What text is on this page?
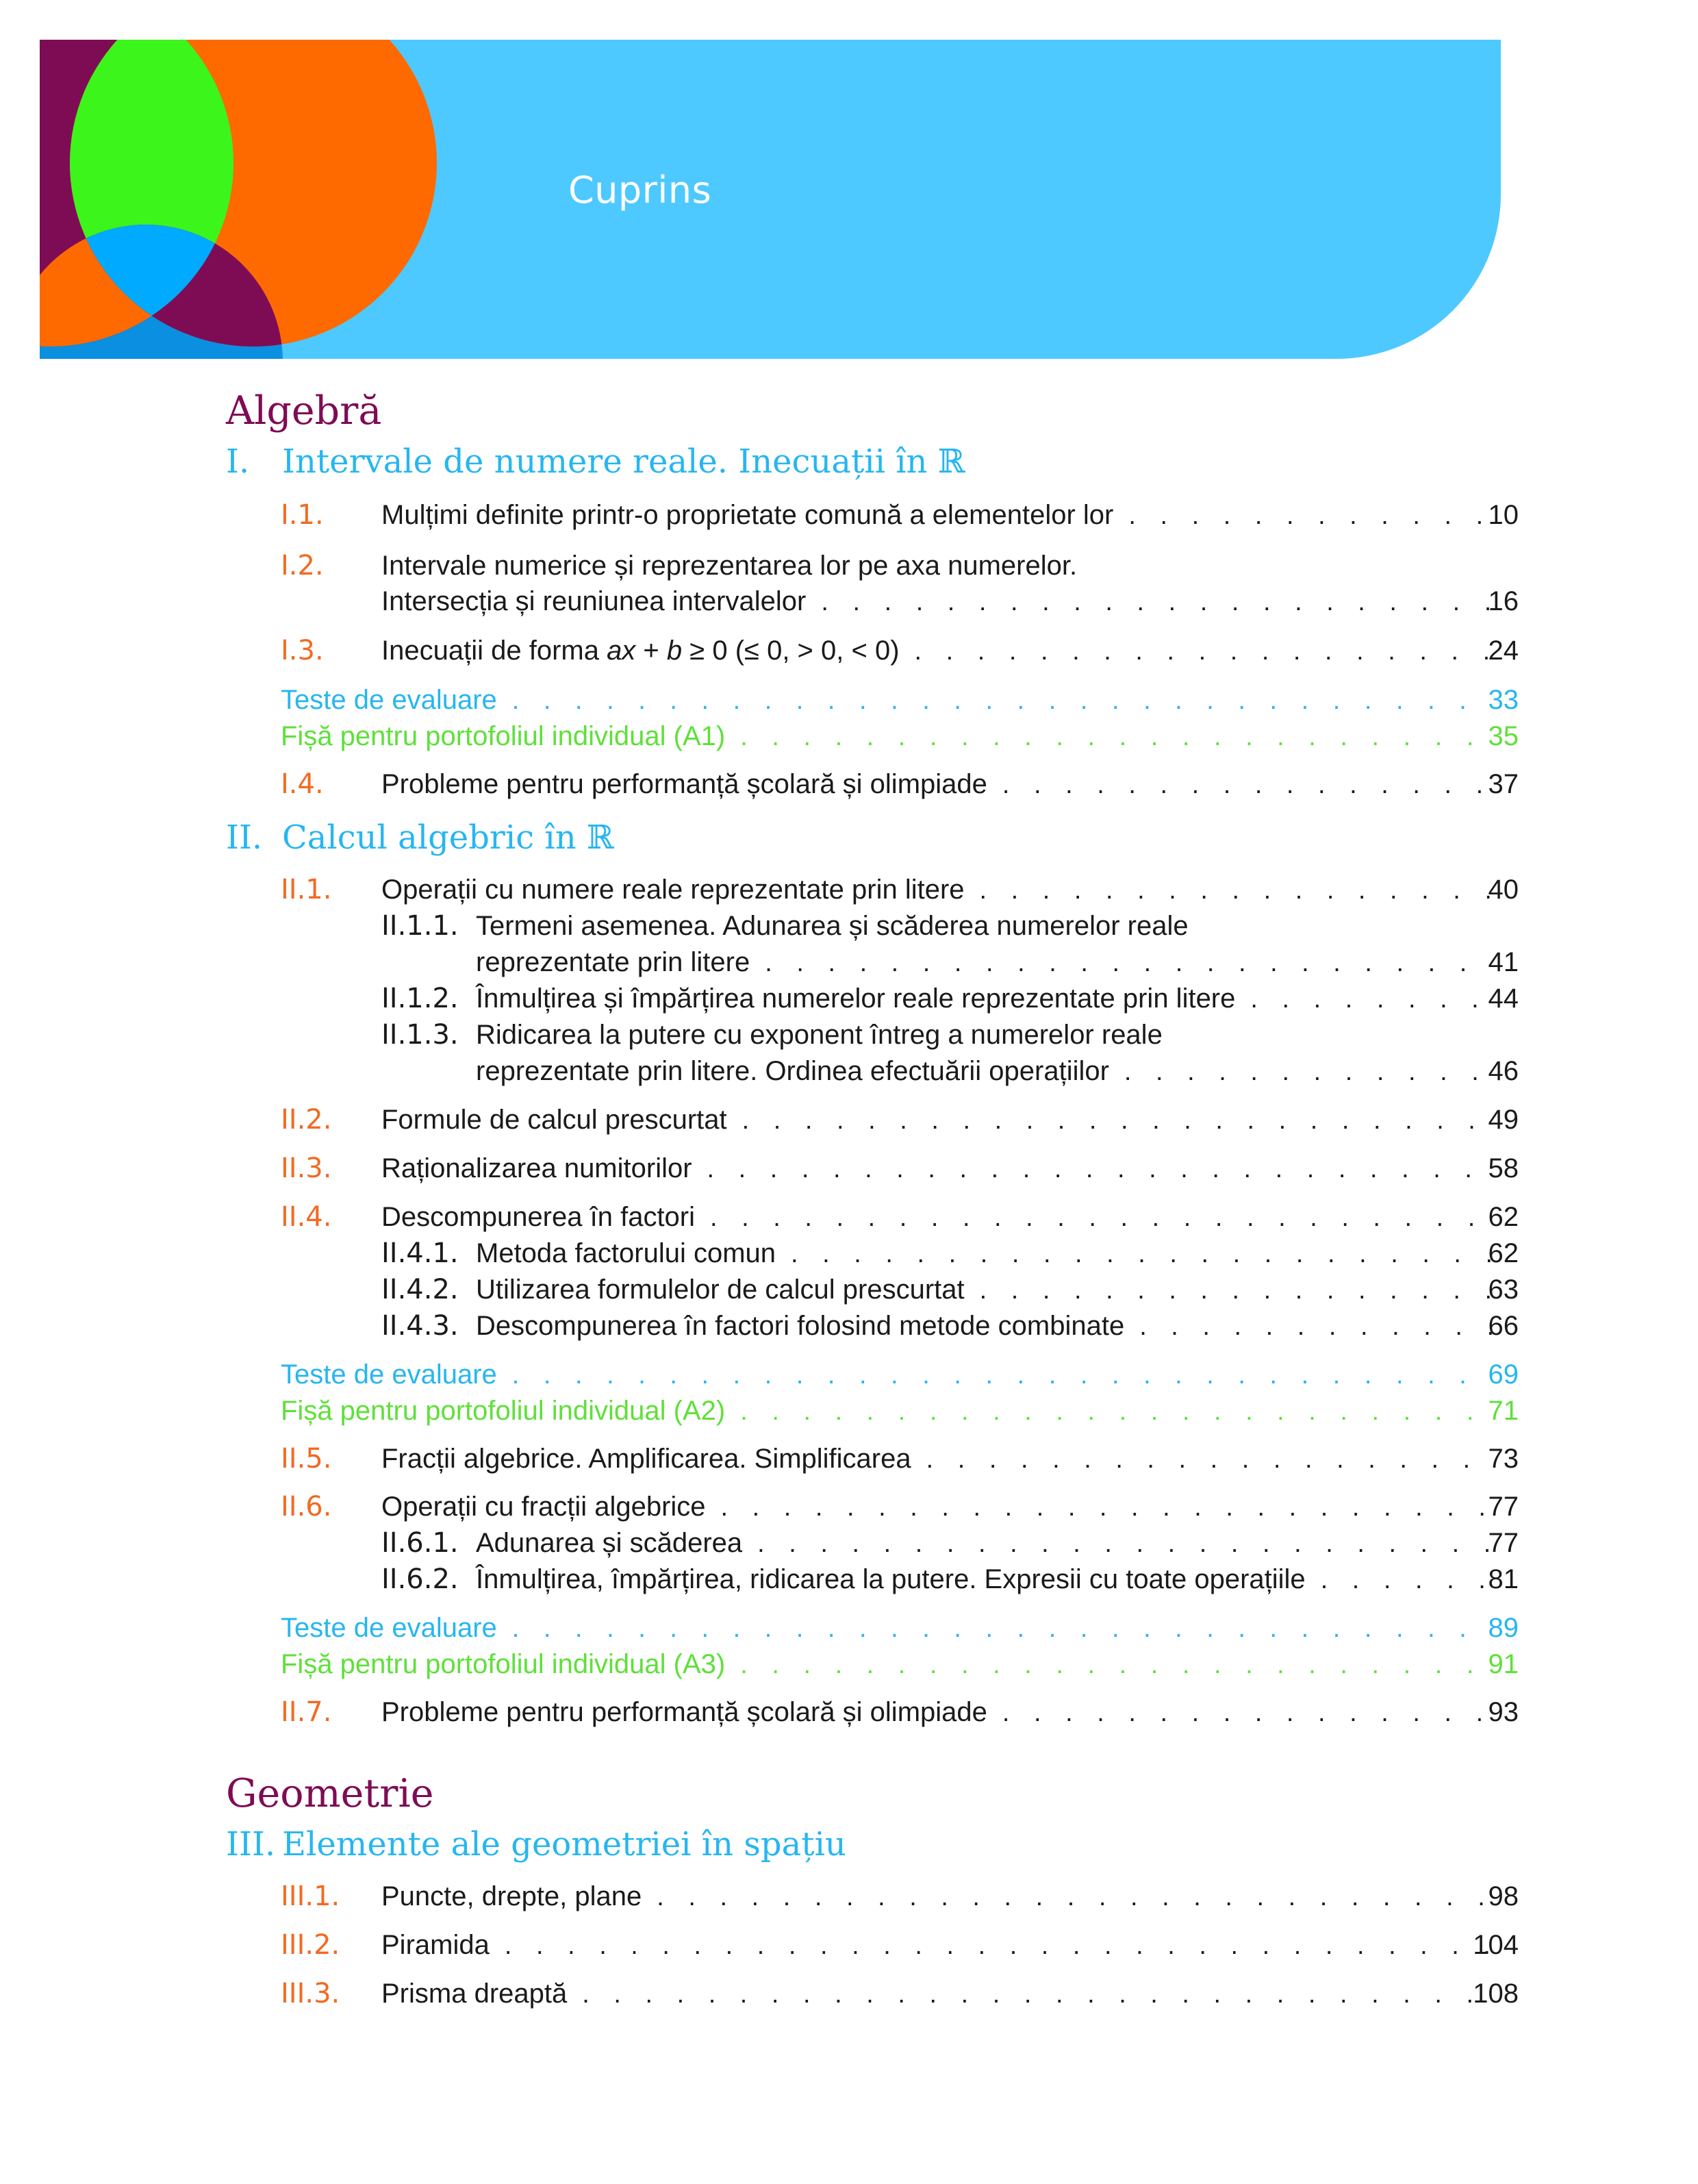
Cuprins
Algebră
I. Intervale de numere reale. Inecuații în ℝ
I.1. Mulțimi definite printr-o proprietate comună a elementelor lor . . .	10
I.2. Intervale numerice și reprezentarea lor pe axa numerelor.
Intersecția și reuniunea intervalelor . . .	16
I.3. Inecuații de forma ax + b ≥ 0 (≤ 0, > 0, < 0) . . .	24
Teste de evaluare . . .	33
Fișă pentru portofoliul individual (A1) . . .	35
I.4. Probleme pentru performanță școlară și olimpiade . . .	37
II. Calcul algebric în ℝ
II.1. Operații cu numere reale reprezentate prin litere . . .	40
II.1.1. Termeni asemenea. Adunarea și scăderea numerelor reale
reprezentate prin litere . . .	41
II.1.2. Înmulțirea și împărțirea numerelor reale reprezentate prin litere . . .	44
II.1.3. Ridicarea la putere cu exponent întreg a numerelor reale
reprezentate prin litere. Ordinea efectuării operațiilor . . .	46
II.2. Formule de calcul prescurtat . . .	49
II.3. Raționalizarea numitorilor . . .	58
II.4. Descompunerea în factori . . .	62
II.4.1. Metoda factorului comun . . .	62
II.4.2. Utilizarea formulelor de calcul prescurtat . . .	63
II.4.3. Descompunerea în factori folosind metode combinate . . .	66
Teste de evaluare . . .	69
Fișă pentru portofoliul individual (A2) . . .	71
II.5. Fracții algebrice. Amplificarea. Simplificarea . . .	73
II.6. Operații cu fracții algebrice . . .	77
II.6.1. Adunarea și scăderea . . .	77
II.6.2. Înmulțirea, împărțirea, ridicarea la putere. Expresii cu toate operațiile . . .	81
Teste de evaluare . . .	89
Fișă pentru portofoliul individual (A3) . . .	91
II.7. Probleme pentru performanță școlară și olimpiade . . .	93
Geometrie
III. Elemente ale geometriei în spațiu
III.1. Puncte, drepte, plane . . .	98
III.2. Piramida . . .	104
III.3. Prisma dreaptă . . .	108
